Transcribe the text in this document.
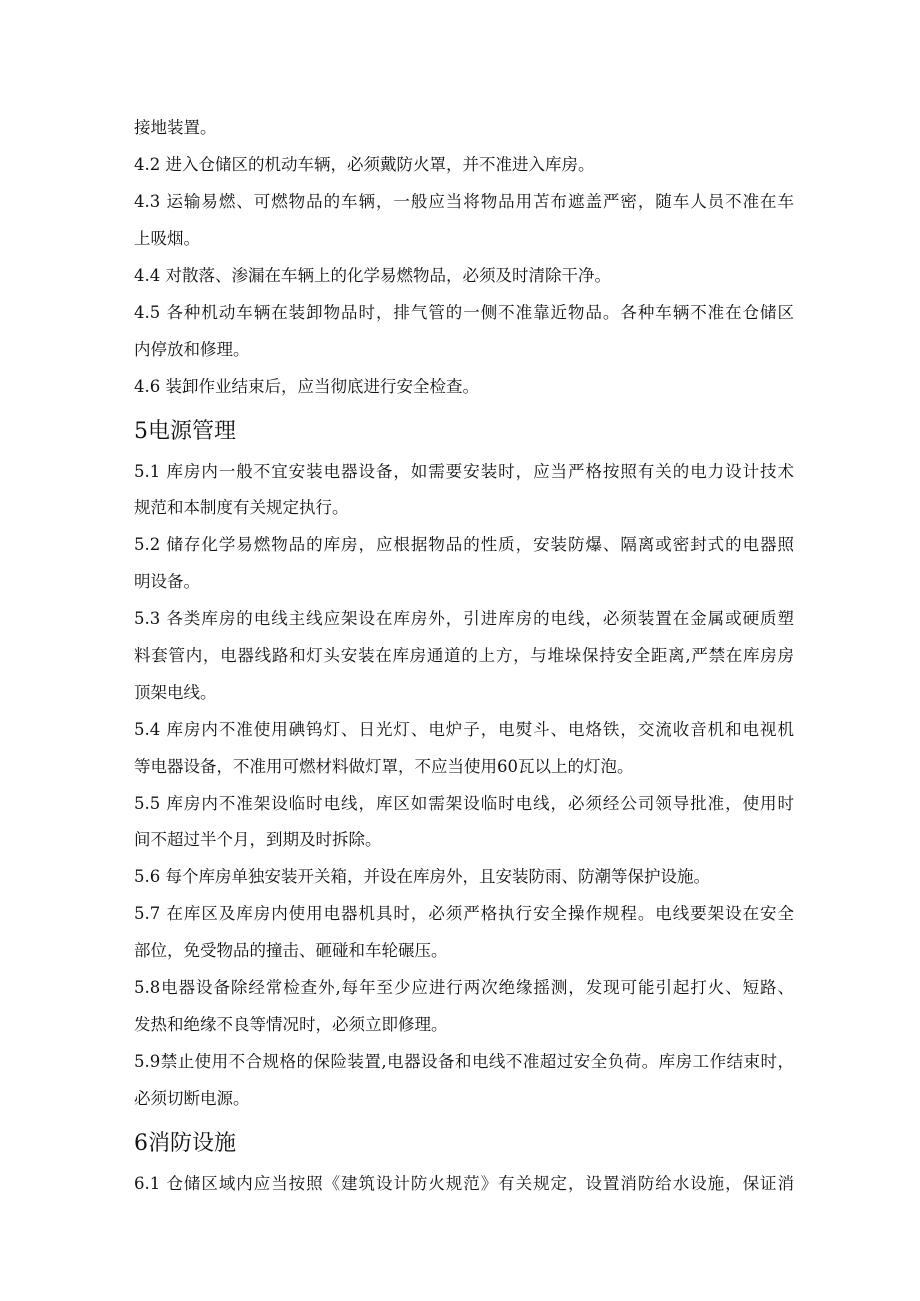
接地装置。
4.2 进入仓储区的机动车辆，必须戴防火罩，并不准进入库房。
4.3 运输易燃、可燃物品的车辆，一般应当将物品用苫布遮盖严密，随车人员不准在车
上吸烟。
4.4 对散落、渗漏在车辆上的化学易燃物品，必须及时清除干净。
4.5 各种机动车辆在装卸物品时，排气管的一侧不准靠近物品。各种车辆不准在仓储区
内停放和修理。
4.6 装卸作业结束后，应当彻底进行安全检查。
5电源管理
5.1 库房内一般不宜安装电器设备，如需要安装时，应当严格按照有关的电力设计技术
规范和本制度有关规定执行。
5.2 储存化学易燃物品的库房，应根据物品的性质，安装防爆、隔离或密封式的电器照
明设备。
5.3 各类库房的电线主线应架设在库房外，引进库房的电线，必须装置在金属或硬质塑
料套管内，电器线路和灯头安装在库房通道的上方，与堆垛保持安全距离,严禁在库房房
顶架电线。
5.4 库房内不准使用碘钨灯、日光灯、电炉子，电熨斗、电烙铁，交流收音机和电视机
等电器设备，不准用可燃材料做灯罩，不应当使用60瓦以上的灯泡。
5.5 库房内不准架设临时电线，库区如需架设临时电线，必须经公司领导批准，使用时
间不超过半个月，到期及时拆除。
5.6 每个库房单独安装开关箱，并设在库房外，且安装防雨、防潮等保护设施。
5.7 在库区及库房内使用电器机具时，必须严格执行安全操作规程。电线要架设在安全
部位，免受物品的撞击、砸碰和车轮碾压。
5.8电器设备除经常检查外,每年至少应进行两次绝缘摇测，发现可能引起打火、短路、
发热和绝缘不良等情况时，必须立即修理。
5.9禁止使用不合规格的保险装置,电器设备和电线不准超过安全负荷。库房工作结束时，
必须切断电源。
6消防设施
6.1 仓储区域内应当按照《建筑设计防火规范》有关规定，设置消防给水设施，保证消
